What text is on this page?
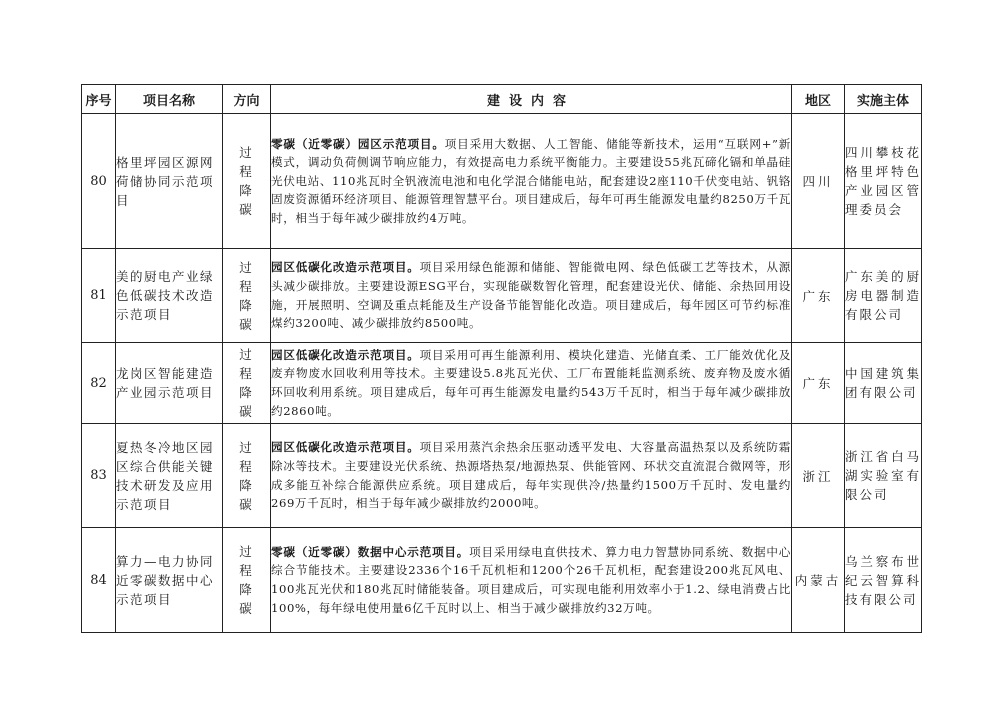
序号	项目名称	方向	建设内容	地区	实施主体
80	格里坪园区源网荷储协同示范项目	过程降碳	零碳（近零碳）园区示范项目。项目采用大数据、人工智能、储能等新技术，运用“互联网+”新模式，调动负荷侧调节响应能力，有效提高电力系统平衡能力。主要建设55兆瓦碲化镉和单晶硅光伏电站、110兆瓦时全钒液流电池和电化学混合储能电站，配套建设2座110千伏变电站、钒铬固废资源循环经济项目、能源管理智慧平台。项目建成后，每年可再生能源发电量约8250万千瓦时，相当于每年减少碳排放约4万吨。	四川	四川攀枝花格里坪特色产业园区管理委员会
81	美的厨电产业绿色低碳技术改造示范项目	过程降碳	园区低碳化改造示范项目。项目采用绿色能源和储能、智能微电网、绿色低碳工艺等技术，从源头减少碳排放。主要建设源ESG平台，实现能碳数智化管理，配套建设光伏、储能、余热回用设施，开展照明、空调及重点耗能及生产设备节能智能化改造。项目建成后，每年园区可节约标准煤约3200吨、减少碳排放约8500吨。	广东	广东美的厨房电器制造有限公司
82	龙岗区智能建造产业园示范项目	过程降碳	园区低碳化改造示范项目。项目采用可再生能源利用、模块化建造、光储直柔、工厂能效优化及废弃物废水回收利用等技术。主要建设5.8兆瓦光伏、工厂布置能耗监测系统、废弃物及废水循环回收利用系统。项目建成后，每年可再生能源发电量约543万千瓦时，相当于每年减少碳排放约2860吨。	广东	中国建筑集团有限公司
83	夏热冬冷地区园区综合供能关键技术研发及应用示范项目	过程降碳	园区低碳化改造示范项目。项目采用蒸汽余热余压驱动透平发电、大容量高温热泵以及系统防霜除冰等技术。主要建设光伏系统、热源塔热泵/地源热泵、供能管网、环状交直流混合微网等，形成多能互补综合能源供应系统。项目建成后，每年实现供冷/热量约1500万千瓦时、发电量约269万千瓦时，相当于每年减少碳排放约2000吨。	浙江	浙江省白马湖实验室有限公司
84	算力—电力协同近零碳数据中心示范项目	过程降碳	零碳（近零碳）数据中心示范项目。项目采用绿电直供技术、算力电力智慧协同系统、数据中心综合节能技术。主要建设2336个16千瓦机柜和1200个26千瓦机柜，配套建设200兆瓦风电、100兆瓦光伏和180兆瓦时储能装备。项目建成后，可实现电能利用效率小于1.2、绿电消费占比100%，每年绿电使用量6亿千瓦时以上、相当于减少碳排放约32万吨。	内蒙古	乌兰察布世纪云智算科技有限公司
